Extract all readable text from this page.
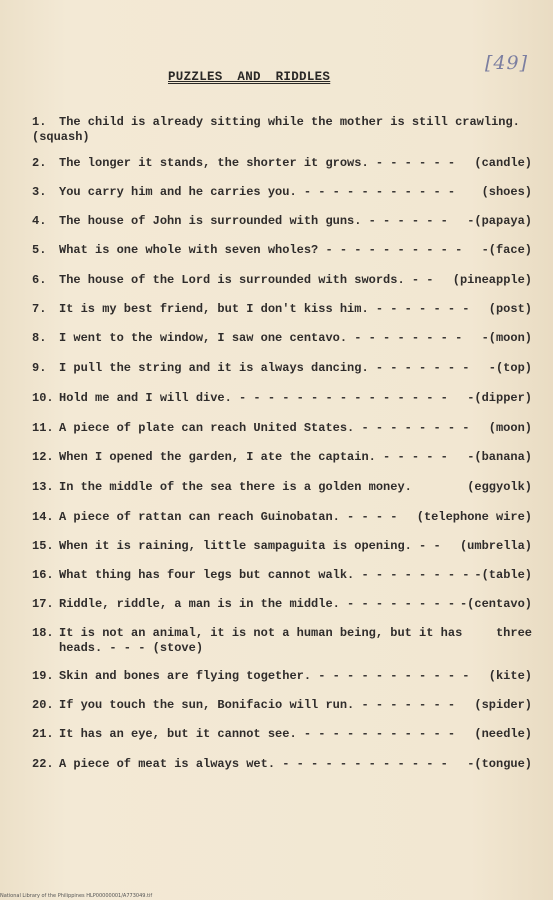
[49]
PUZZLES AND RIDDLES
1. The child is already sitting while the mother is still crawling.
(squash)
2. The longer it stands, the shorter it grows. - - - - - - (candle)
3. You carry him and he carries you. - - - - - - - - - - - (shoes)
4. The house of John is surrounded with guns. - - - - - - -(papaya)
5. What is one whole with seven wholes? - - - - - - - - - - -(face)
6. The house of the Lord is surrounded with swords. - - (pineapple)
7. It is my best friend, but I don't kiss him. - - - - - - - (post)
8. I went to the window, I saw one centavo. - - - - - - - - -(moon)
9. I pull the string and it is always dancing. - - - - - - - -(top)
10. Hold me and I will dive. - - - - - - - - - - - - - - - -(dipper)
11. A piece of plate can reach United States. - - - - - - - - (moon)
12. When I opened the garden, I ate the captain. - - - - - -(banana)
13. In the middle of the sea there is a golden money.	(eggyolk)
14. A piece of rattan can reach Guinobatan. - - - - (telephone wire)
15. When it is raining, little sampaguita is opening. - - (umbrella)
16. What thing has four legs but cannot walk. - - - - - - - - -(table)
17. Riddle, riddle, a man is in the middle. - - - - - - - - -(centavo)
18. It is not an animal, it is not a human being, but it has	three
heads. - - - (stove)
19. Skin and bones are flying together. - - - - - - - - - - - (kite)
20. If you touch the sun, Bonifacio will run. - - - - - - - (spider)
21. It has an eye, but it cannot see. - - - - - - - - - - - (needle)
22. A piece of meat is always wet. - - - - - - - - - - - - -(tongue)
National Library of the Philippines HLP00000001/A773049.tif
